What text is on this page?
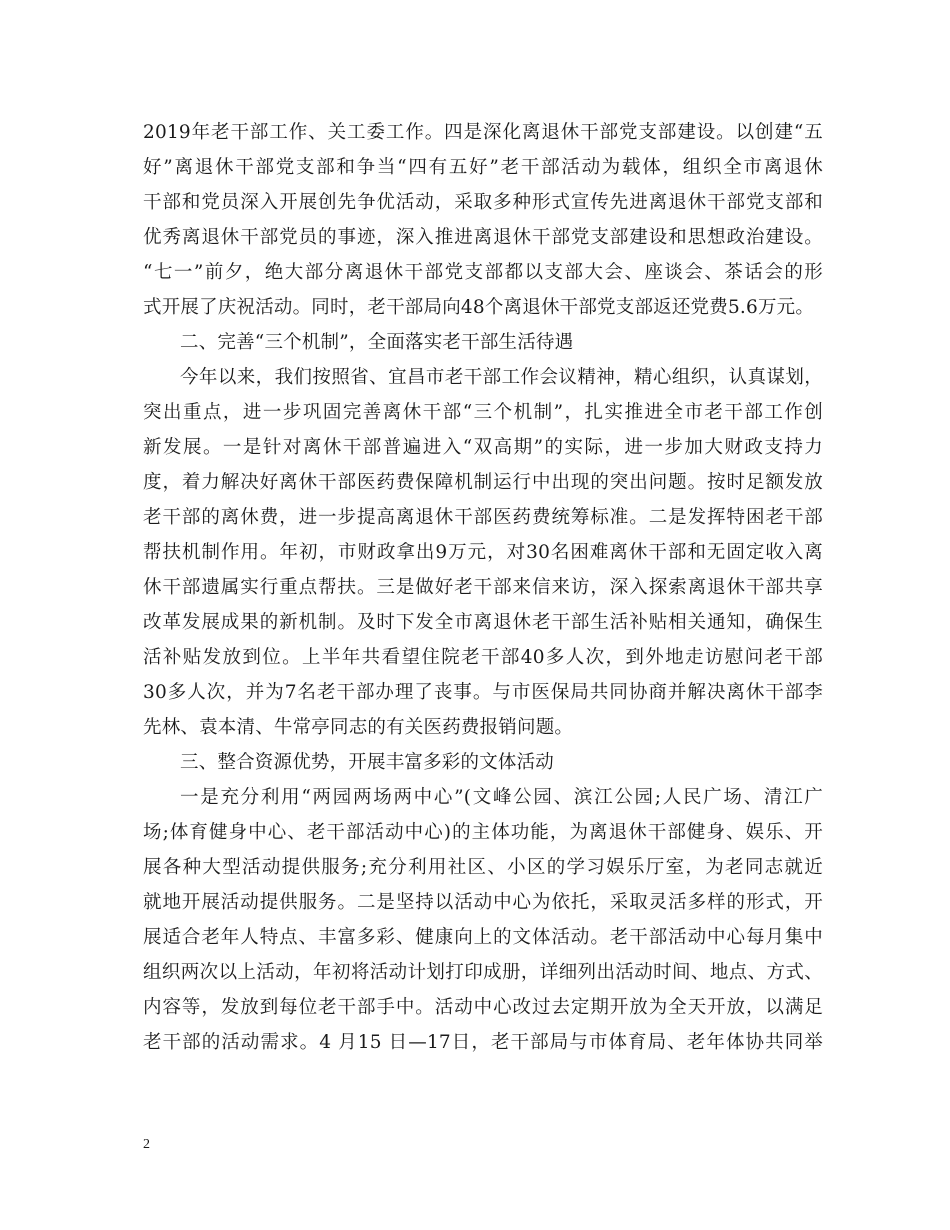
2019年老干部工作、关工委工作。四是深化离退休干部党支部建设。以创建“五
好”离退休干部党支部和争当“四有五好”老干部活动为载体，组织全市离退休
干部和党员深入开展创先争优活动，采取多种形式宣传先进离退休干部党支部和
优秀离退休干部党员的事迹，深入推进离退休干部党支部建设和思想政治建设。
“七一”前夕，绝大部分离退休干部党支部都以支部大会、座谈会、茶话会的形
式开展了庆祝活动。同时，老干部局向48个离退休干部党支部返还党费5.6万元。
二、完善“三个机制”，全面落实老干部生活待遇
今年以来，我们按照省、宜昌市老干部工作会议精神，精心组织，认真谋划，
突出重点，进一步巩固完善离休干部“三个机制”，扎实推进全市老干部工作创
新发展。一是针对离休干部普遍进入“双高期”的实际，进一步加大财政支持力
度，着力解决好离休干部医药费保障机制运行中出现的突出问题。按时足额发放
老干部的离休费，进一步提高离退休干部医药费统筹标准。二是发挥特困老干部
帮扶机制作用。年初，市财政拿出9万元，对30名困难离休干部和无固定收入离
休干部遗属实行重点帮扶。三是做好老干部来信来访，深入探索离退休干部共享
改革发展成果的新机制。及时下发全市离退休老干部生活补贴相关通知，确保生
活补贴发放到位。上半年共看望住院老干部40多人次，到外地走访慰问老干部
30多人次，并为7名老干部办理了丧事。与市医保局共同协商并解决离休干部李
先林、袁本清、牛常亭同志的有关医药费报销问题。
三、整合资源优势，开展丰富多彩的文体活动
一是充分利用“两园两场两中心”(文峰公园、滨江公园;人民广场、清江广
场;体育健身中心、老干部活动中心)的主体功能，为离退休干部健身、娱乐、开
展各种大型活动提供服务;充分利用社区、小区的学习娱乐厅室，为老同志就近
就地开展活动提供服务。二是坚持以活动中心为依托，采取灵活多样的形式，开
展适合老年人特点、丰富多彩、健康向上的文体活动。老干部活动中心每月集中
组织两次以上活动，年初将活动计划打印成册，详细列出活动时间、地点、方式、
内容等，发放到每位老干部手中。活动中心改过去定期开放为全天开放，以满足
老干部的活动需求。4 月15 日—17日，老干部局与市体育局、老年体协共同举
2
